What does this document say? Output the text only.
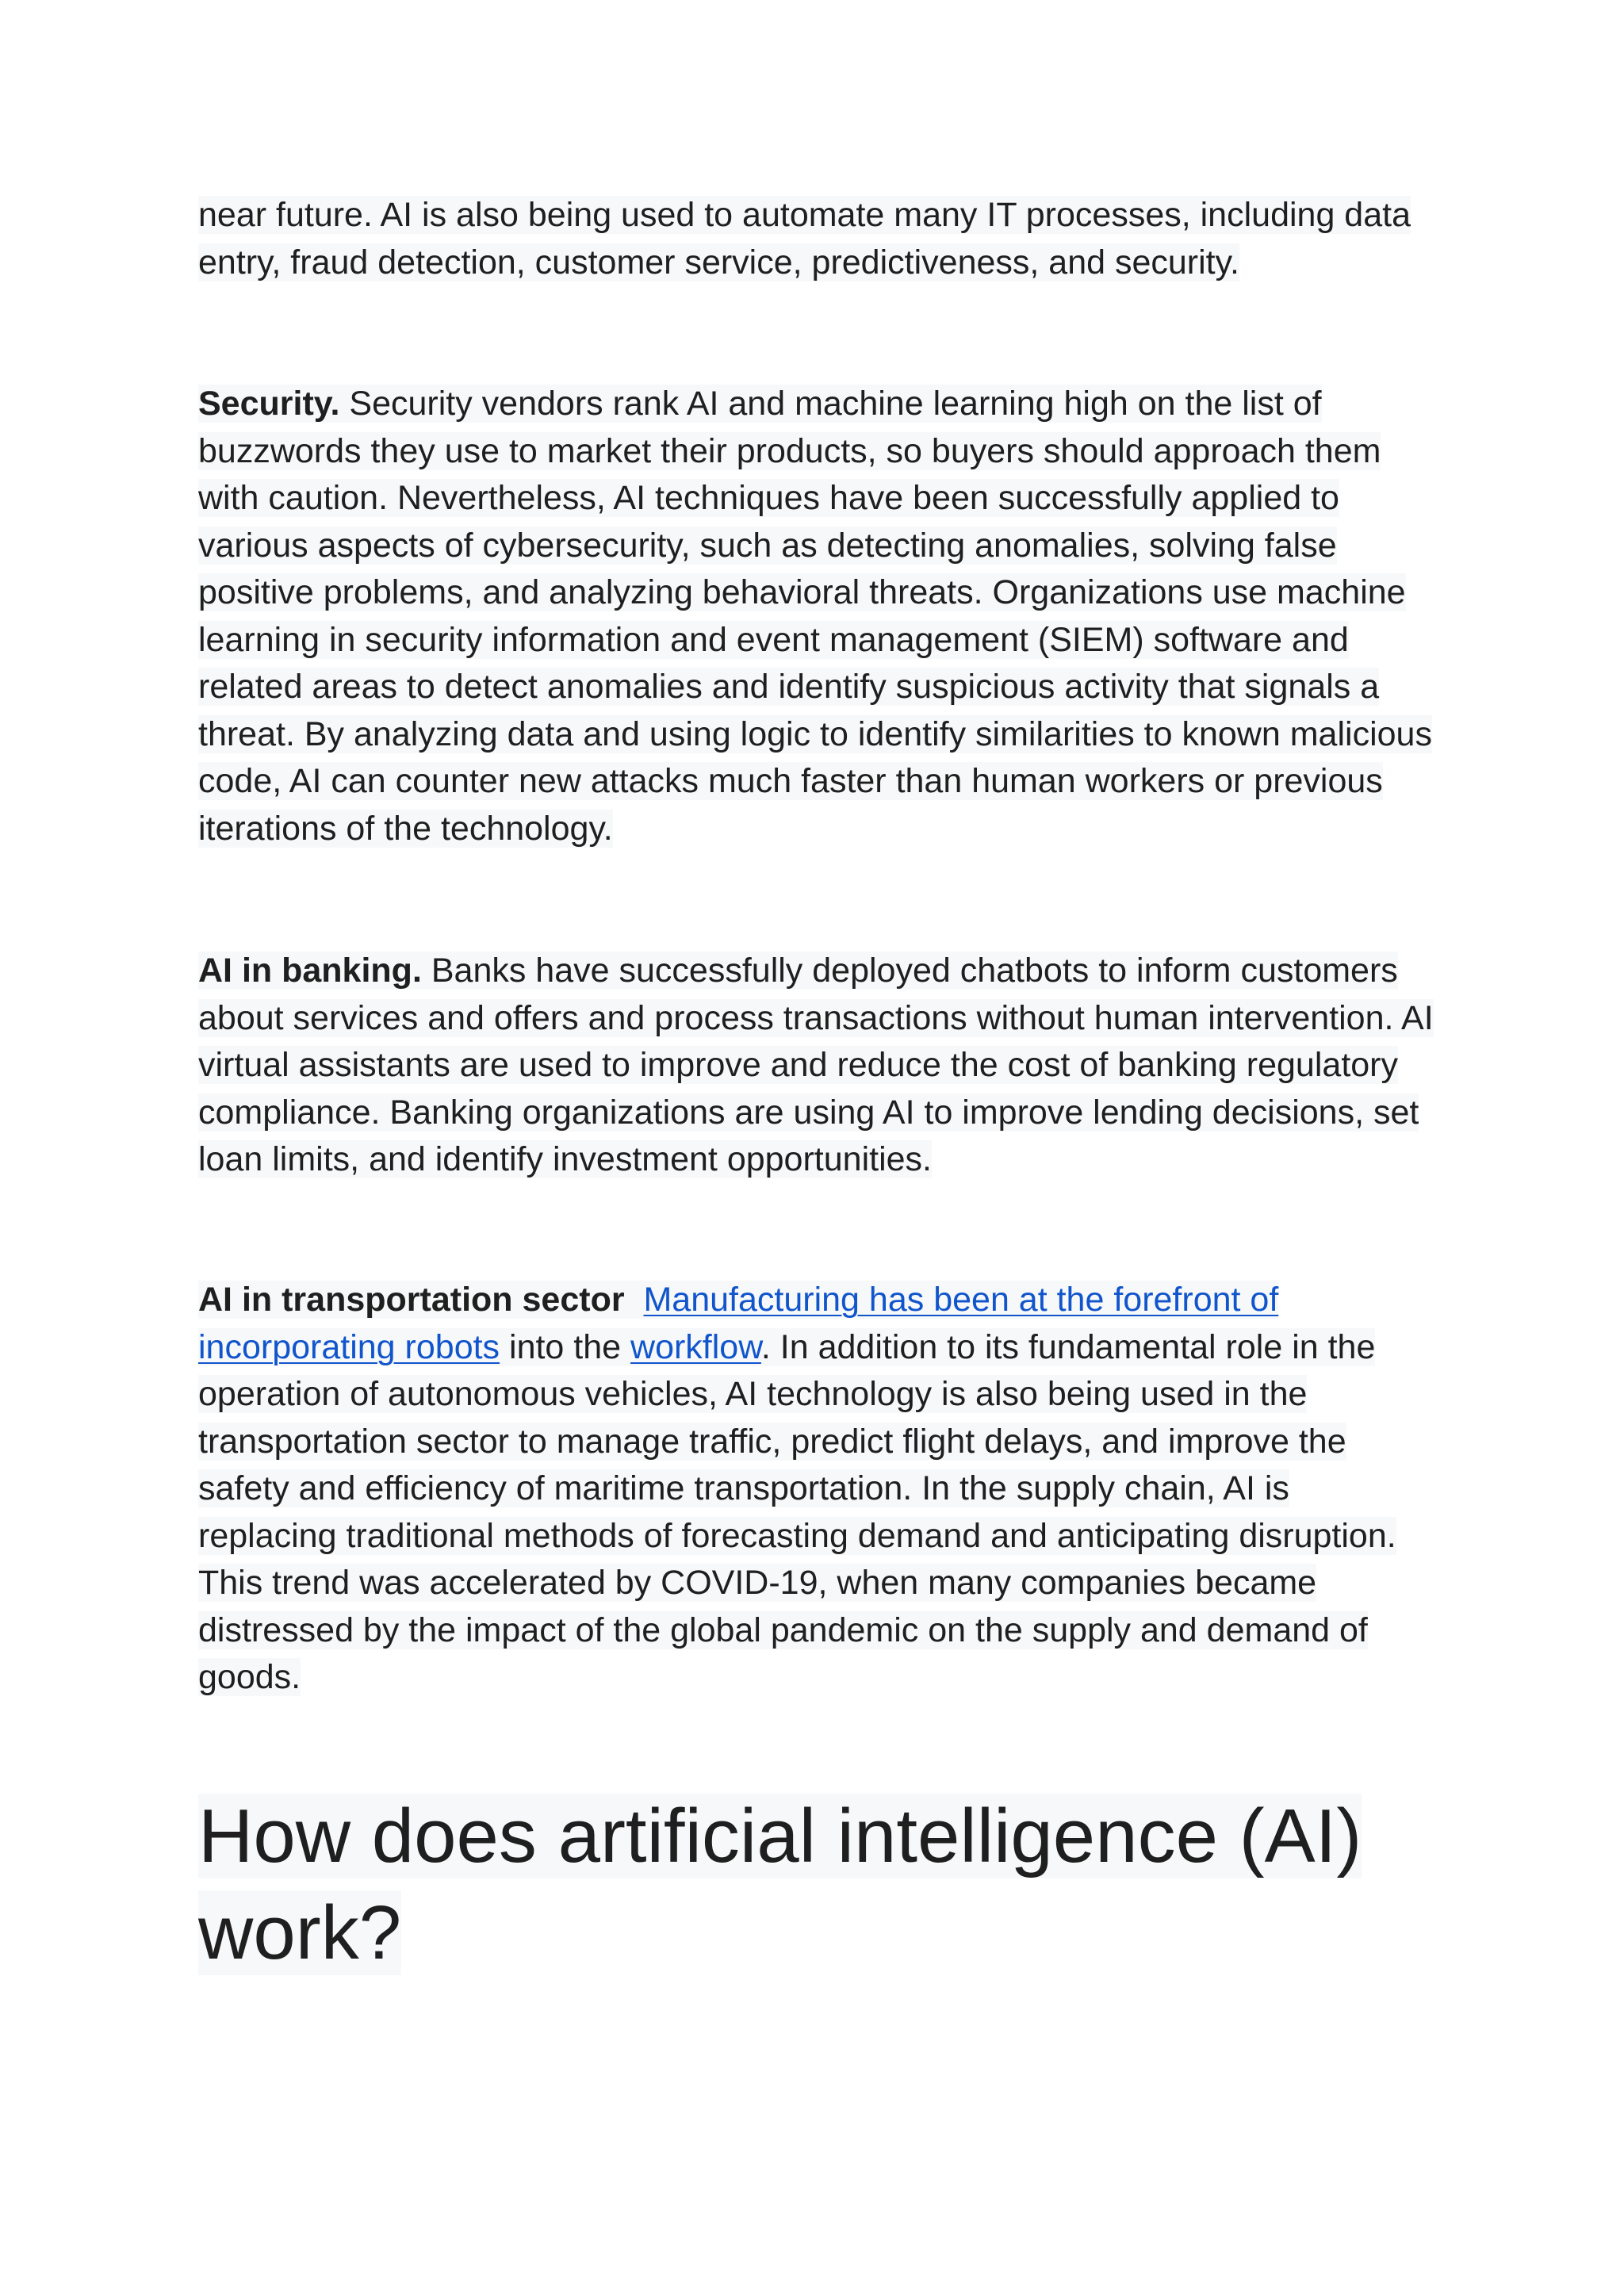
near future. AI is also being used to automate many IT processes, including data entry, fraud detection, customer service, predictiveness, and security.

Security. Security vendors rank AI and machine learning high on the list of buzzwords they use to market their products, so buyers should approach them with caution. Nevertheless, AI techniques have been successfully applied to various aspects of cybersecurity, such as detecting anomalies, solving false positive problems, and analyzing behavioral threats. Organizations use machine learning in security information and event management (SIEM) software and related areas to detect anomalies and identify suspicious activity that signals a threat. By analyzing data and using logic to identify similarities to known malicious code, AI can counter new attacks much faster than human workers or previous iterations of the technology.

AI in banking. Banks have successfully deployed chatbots to inform customers about services and offers and process transactions without human intervention. AI virtual assistants are used to improve and reduce the cost of banking regulatory compliance. Banking organizations are using AI to improve lending decisions, set loan limits, and identify investment opportunities.

AI in transportation sector Manufacturing has been at the forefront of incorporating robots into the workflow. In addition to its fundamental role in the operation of autonomous vehicles, AI technology is also being used in the transportation sector to manage traffic, predict flight delays, and improve the safety and efficiency of maritime transportation. In the supply chain, AI is replacing traditional methods of forecasting demand and anticipating disruption. This trend was accelerated by COVID-19, when many companies became distressed by the impact of the global pandemic on the supply and demand of goods.

How does artificial intelligence (AI) work?
